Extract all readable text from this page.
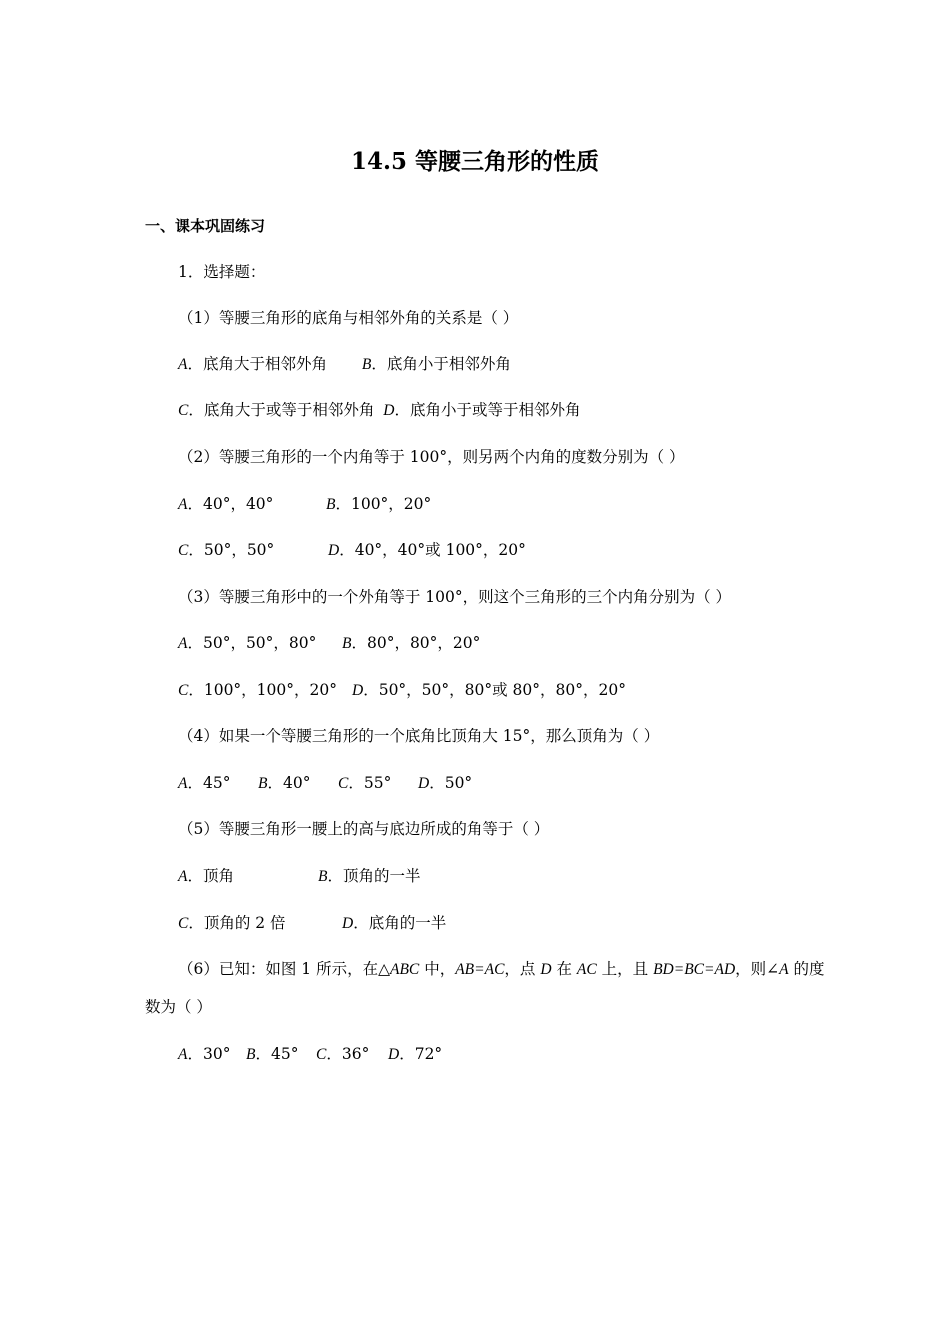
14.5 等腰三角形的性质
一、课本巩固练习
1．选择题：
（1）等腰三角形的底角与相邻外角的关系是（ ）
A．底角大于相邻外角 B．底角小于相邻外角
C．底角大于或等于相邻外角 D．底角小于或等于相邻外角
（2）等腰三角形的一个内角等于 100°，则另两个内角的度数分别为（ ）
A．40°，40°	B．100°，20°
C．50°，50°	D．40°，40°或 100°，20°
（3）等腰三角形中的一个外角等于 100°，则这个三角形的三个内角分别为（ ）
A．50°，50°，80° B．80°，80°，20°
C．100°，100°，20° D．50°，50°，80°或 80°，80°，20°
（4）如果一个等腰三角形的一个底角比顶角大 15°，那么顶角为（ ）
A．45° B．40° C．55° D．50°
（5）等腰三角形一腰上的高与底边所成的角等于（ ）
A．顶角	B．顶角的一半
C．顶角的 2 倍	D．底角的一半
（6）已知：如图 1 所示，在△ABC 中，AB=AC，点 D 在 AC 上，且 BD=BC=AD，则∠A 的度
数为（ ）
A．30° B．45° C．36° D．72°
